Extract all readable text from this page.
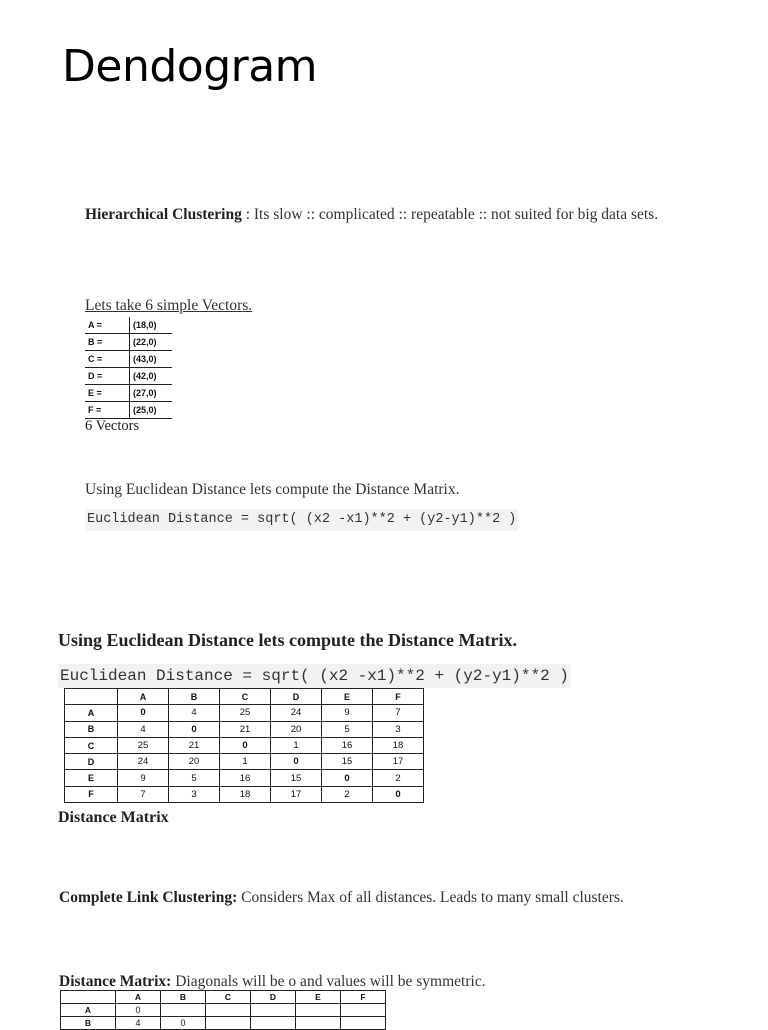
Dendogram
Hierarchical Clustering : Its slow :: complicated :: repeatable :: not suited for big data sets.
Lets take 6 simple Vectors.
A =	(18,0)
B =	(22,0)
C =	(43,0)
D =	(42,0)
E =	(27,0)
F =	(25,0)
6 Vectors
Using Euclidean Distance lets compute the Distance Matrix.
Euclidean Distance = sqrt( (x2 -x1)**2 + (y2-y1)**2 )
Using Euclidean Distance lets compute the Distance Matrix.
Euclidean Distance = sqrt( (x2 -x1)**2 + (y2-y1)**2 )
	A	B	C	D	E	F
A	0	4	25	24	9	7
B	4	0	21	20	5	3
C	25	21	0	1	16	18
D	24	20	1	0	15	17
E	9	5	16	15	0	2
F	7	3	18	17	2	0
Distance Matrix
Complete Link Clustering: Considers Max of all distances. Leads to many small clusters.
Distance Matrix: Diagonals will be o and values will be symmetric.
	A	B	C	D	E	F
A	0					
B	4	0				
